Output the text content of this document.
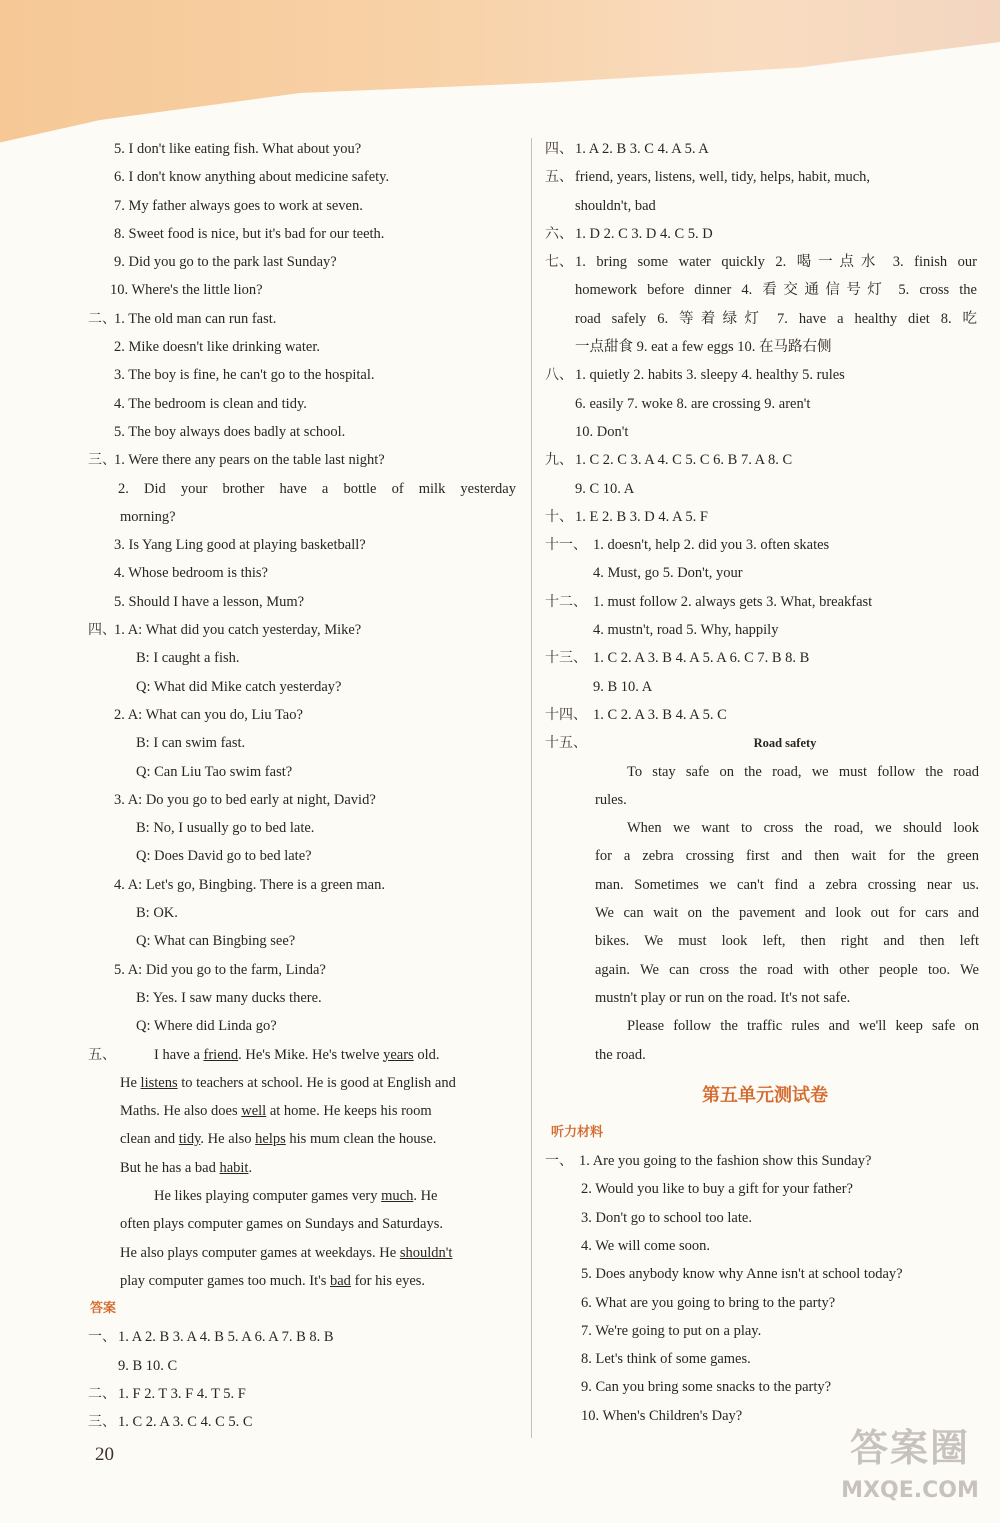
5. I don't like eating fish. What about you?
6. I don't know anything about medicine safety.
7. My father always goes to work at seven.
8. Sweet food is nice, but it's bad for our teeth.
9. Did you go to the park last Sunday?
10. Where's the little lion?
二、
1. The old man can run fast.
2. Mike doesn't like drinking water.
3. The boy is fine, he can't go to the hospital.
4. The bedroom is clean and tidy.
5. The boy always does badly at school.
三、
1. Were there any pears on the table last night?
2. Did your brother have a bottle of milk yesterday
morning?
3. Is Yang Ling good at playing basketball?
4. Whose bedroom is this?
5. Should I have a lesson, Mum?
四、
1. A: What did you catch yesterday, Mike?
B: I caught a fish.
Q: What did Mike catch yesterday?
2. A: What can you do, Liu Tao?
B: I can swim fast.
Q: Can Liu Tao swim fast?
3. A: Do you go to bed early at night, David?
B: No, I usually go to bed late.
Q: Does David go to bed late?
4. A: Let's go, Bingbing. There is a green man.
B: OK.
Q: What can Bingbing see?
5. A: Did you go to the farm, Linda?
B: Yes. I saw many ducks there.
Q: Where did Linda go?
五、	I have a friend. He's Mike. He's twelve years old.
He listens to teachers at school. He is good at English and
Maths. He also does well at home. He keeps his room
clean and tidy. He also helps his mum clean the house.
But he has a bad habit.
He likes playing computer games very much. He
often plays computer games on Sundays and Saturdays.
He also plays computer games at weekdays. He shouldn't
play computer games too much. It's bad for his eyes.
答案
一、 1. A 2. B 3. A 4. B 5. A 6. A 7. B 8. B
9. B 10. C
二、 1. F 2. T 3. F 4. T 5. F
三、 1. C 2. A 3. C 4. C 5. C
四、 1. A 2. B 3. C 4. A 5. A
五、 friend, years, listens, well, tidy, helps, habit, much,
shouldn't, bad
六、 1. D 2. C 3. D 4. C 5. D
七、 1. bring some water quickly 2. 喝一点水 3. finish our
homework before dinner 4. 看交通信号灯 5. cross the
road safely 6. 等着绿灯 7. have a healthy diet 8. 吃
一点甜食 9. eat a few eggs 10. 在马路右侧
八、 1. quietly 2. habits 3. sleepy 4. healthy 5. rules
6. easily 7. woke 8. are crossing 9. aren't
10. Don't
九、 1. C 2. C 3. A 4. C 5. C 6. B 7. A 8. C
9. C 10. A
十、 1. E 2. B 3. D 4. A 5. F
十一、 1. doesn't, help 2. did you 3. often skates
4. Must, go 5. Don't, your
十二、 1. must follow 2. always gets 3. What, breakfast
4. mustn't, road 5. Why, happily
十三、 1. C 2. A 3. B 4. A 5. A 6. C 7. B 8. B
9. B 10. A
十四、 1. C 2. A 3. B 4. A 5. C
十五、	Road safety
To stay safe on the road, we must follow the road
rules.
When we want to cross the road, we should look
for a zebra crossing first and then wait for the green
man. Sometimes we can't find a zebra crossing near us.
We can wait on the pavement and look out for cars and
bikes. We must look left, then right and then left
again. We can cross the road with other people too. We
mustn't play or run on the road. It's not safe.
Please follow the traffic rules and we'll keep safe on
the road.
第五单元测试卷
听力材料
一、 1. Are you going to the fashion show this Sunday?
2. Would you like to buy a gift for your father?
3. Don't go to school too late.
4. We will come soon.
5. Does anybody know why Anne isn't at school today?
6. What are you going to bring to the party?
7. We're going to put on a play.
8. Let's think of some games.
9. Can you bring some snacks to the party?
10. When's Children's Day?
20	答案圈
MXQE.COM
